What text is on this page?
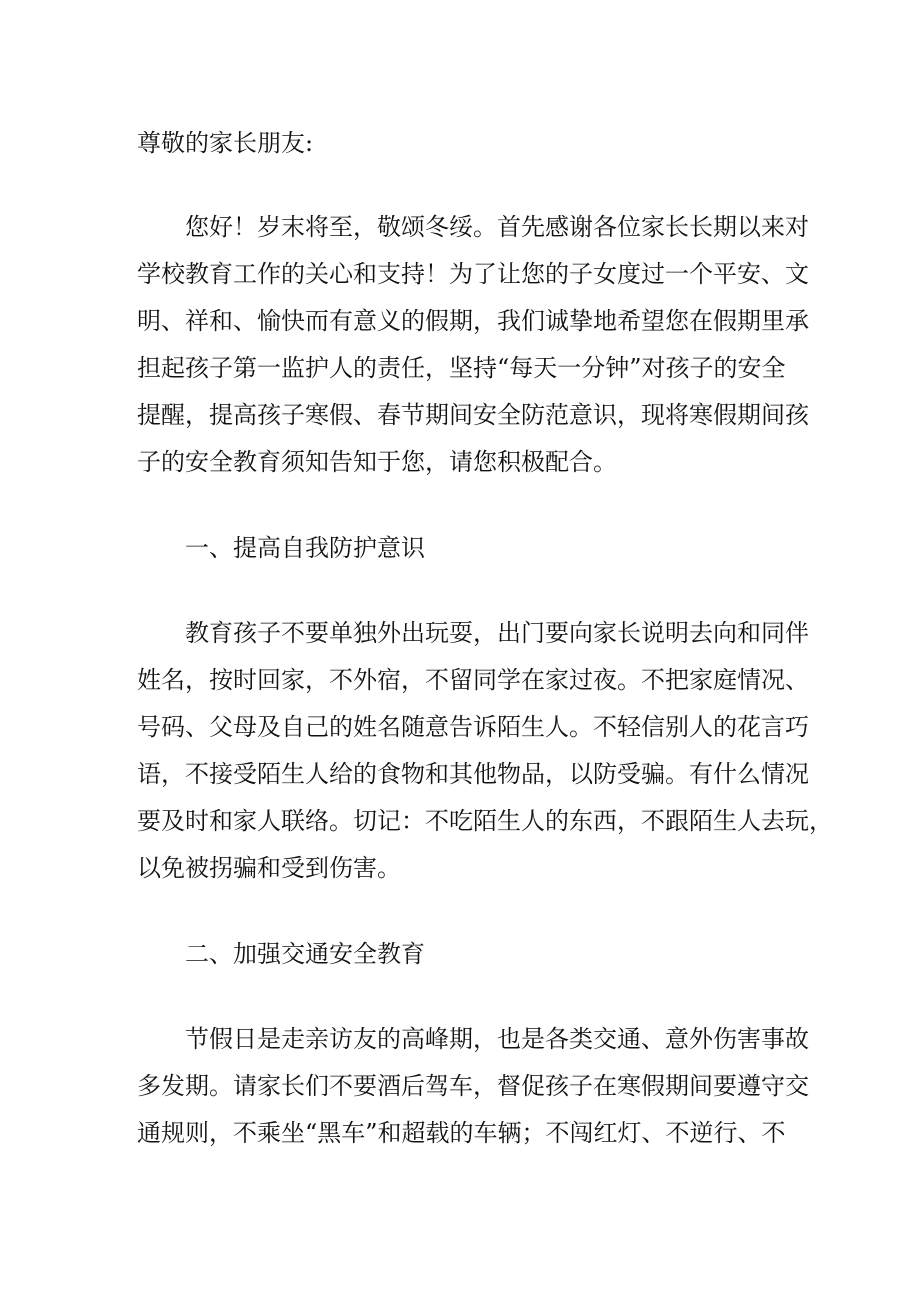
尊敬的家长朋友:

　　您好！岁末将至，敬颂冬绥。首先感谢各位家长长期以来对
学校教育工作的关心和支持！为了让您的子女度过一个平安、文
明、祥和、愉快而有意义的假期，我们诚挚地希望您在假期里承
担起孩子第一监护人的责任，坚持“每天一分钟”对孩子的安全
提醒，提高孩子寒假、春节期间安全防范意识，现将寒假期间孩
子的安全教育须知告知于您，请您积极配合。

　　一、提高自我防护意识

　　教育孩子不要单独外出玩耍，出门要向家长说明去向和同伴
姓名，按时回家，不外宿，不留同学在家过夜。不把家庭情况、
号码、父母及自己的姓名随意告诉陌生人。不轻信别人的花言巧
语，不接受陌生人给的食物和其他物品，以防受骗。有什么情况
要及时和家人联络。切记：不吃陌生人的东西，不跟陌生人去玩，
以免被拐骗和受到伤害。

　　二、加强交通安全教育

　　节假日是走亲访友的高峰期，也是各类交通、意外伤害事故
多发期。请家长们不要酒后驾车，督促孩子在寒假期间要遵守交
通规则，不乘坐“黑车”和超载的车辆；不闯红灯、不逆行、不
